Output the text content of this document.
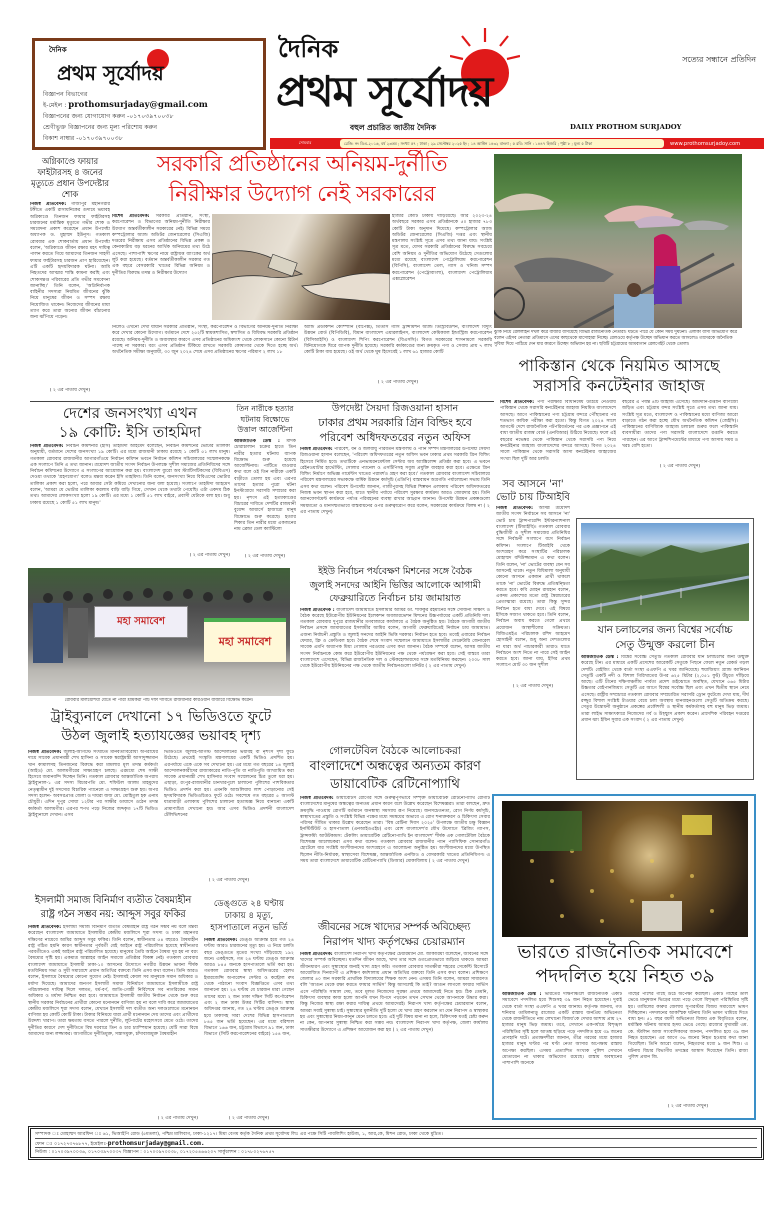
দৈনিক
প্রথম সূর্যোদয়
বিজ্ঞাপন বিভাগের
ই-মেইল : prothomsurjaday@gmail.com
বিজ্ঞাপনের জন্য যোগাযোগ করুন -০১৭০৩৯৭০০৩৮
শ্রেণীভুক্ত বিজ্ঞাপনের জন্য মূল্য পরিশোধ করুন
বিকাশ নাম্বার -০১৭০৩৯৭০০৩৮
দৈনিক	সত্যের সন্ধানে প্রতিদিন
প্রথম সূর্যোদয়
বহুল প্রচারিত জাতীয় দৈনিক	DAILY PROTHOM SURJADOY
সোমবার	রেজি: নং ডিএ-২০১৬, বর্ষ ২৩তম ; সংখ্যা ৫৭ ; ঢাকা ; ২৯ সেপ্টেম্বর ২০২৫ ইং ; ১৪ আশ্বিন ১৪৩২ বাংলা ; ৫ রবি: সানি : ১৪৪৭ হিজরি ; পৃষ্ঠা ৮ ; মূল্য ৫ টাকা	www.prothomsurjadoy.com
অগ্নিকাণ্ডে ফায়ার ফাইটারসহ ৪ জনের মৃত্যুতে প্রধান উপদেষ্টার শোক
নিজস্ব প্রতিবেদক: গাজীপুর মহানগরীর টঙ্গীতে একটি রাসায়নিকের গুদামে ভয়াবহ অগ্নিকাণ্ডে তিনজন ফায়ার ফাইটারসহ চারজনের মর্মান্তিক মৃত্যুতে গভীর শোক ও সমবেদনা প্রকাশ করেছেন প্রধান উপদেষ্টা অধ্যাপক ড. মুহাম্মদ ইউনূস। গতকাল রোববার এক শোকবার্তায় প্রধান উপদেষ্টা বলেন, 'অগ্নিকাণ্ডে জীবন রক্ষার মহৎ দায়িত্ব পালন করতে গিয়ে আমাদের তিনজন সাহসী ফায়ার ফাইটারসহ চারজন প্রাণ হারিয়েছেন। এটি একটি হৃদয়বিদারক ঘটনা। আমি নিহতদের আত্মার শান্তি কামনা করছি এবং শোকসন্তপ্ত পরিবারের প্রতি গভীর সমবেদনা জানাচ্ছি।' তিনি বলেন, 'অগ্নিনির্বাপক বাহিনীর সদস্যরা নিয়মিত জীবনের ঝুঁকি নিয়ে মানুষের জীবন ও সম্পদ রক্ষায় নিয়োজিত থাকেন। নিজেদের জীবনের মায়া ত্যাগ করে তারা অন্যের জীবন বাঁচানোর জন্য ঝাঁপিয়ে পড়েন।
( ২ এর পাতায় দেখুন)
সরকারি প্রতিষ্ঠানের অনিয়ম-দুর্নীতি
নিরীক্ষার উদ্যোগ নেই সরকারের
বিশেষ প্রতিবেদক: সরকারি প্রতিষ্ঠান, সংস্থা, করপোরেশন ও বিভাগের অনিয়ম-দুর্নীতি নিরীক্ষার উদ্যোগ অন্তর্বর্তীকালীন সরকারের নেই। বিভিন্ন সময়ে কম্পট্রোলার অ্যান্ড অডিটর জেনারেলের (সিএজি) দপ্তরের নিরীক্ষায় এসব প্রতিষ্ঠানের বিভিন্ন প্রকল্প ও কেনাকাটায় বড় ধরনের আর্থিক অনিয়মের তথ্য উঠে এসেছে। পাশাপাশি ঋণের নামে রাষ্ট্রায়ত্ত ব্যাংকের অর্থ লুট করা হয়েছে। বর্তমান অন্তর্বর্তীকালীন সরকার গত এক বছরে বেসরকারি খাতের বিভিন্ন অনিয়ম ও দুর্নীতির বিরুদ্ধে তদন্ত ও নিরীক্ষার উদ্যোগ
হাজার কোটি টাকায় দাঁড়িয়েছে। আর ২০২৩-২৪ অর্থবছরে সরকার এসব প্রতিষ্ঠানকে ৫০ হাজার ৭৮৩ কোটি টাকা অনুদান দিয়েছে। কম্পট্রোলার অ্যান্ড অডিটর জেনারেলের (সিএজি) দপ্তর এবং স্থানীয় মন্ত্রণালয় সংশ্লিষ্ট সূত্রে এসব তথ্য জানা যায়। সংশ্লিষ্ট সূত্র মতে, যেসব সরকারি প্রতিষ্ঠানের বিরুদ্ধে সবচেয়ে বেশি অনিয়ম ও দুর্নীতির অভিযোগ উঠেছে সেগুলোর মধ্যে রয়েছে বাংলাদেশ পেট্রোলিয়াম করপোরেশন (বিপিসি), বাংলাদেশ তেল, গ্যাস ও খনিজ সম্পদ করপোরেশন (পেট্রোবাংলা), বাংলাদেশ পেট্রোলিয়াম এক্সপ্লোরেশন
নিলেও এখনো দেখা যায়নি সরকারি প্রতিষ্ঠান, সংস্থা, করপোরেশন ও বিভাগের অনিয়ম-দুর্নীতি নিরীক্ষা করে দেখার কোনো উদ্যোগ। বর্তমানে দেশে ২৫২টি স্বায়ত্তশাসিত, স্বশাসিত ও বিধিবদ্ধ সরকারি প্রতিষ্ঠান রয়েছে। অনিয়ম-দুর্নীতি ও অব্যবস্থার কারণে এসব প্রতিষ্ঠানের অধিকাংশ থেকে লোকসানে কোনো রিটার্ন পাচ্ছে না সরকার। বরং এসব প্রতিষ্ঠান টিকিয়ে রাখতে সরকারি কোষাগার থেকে দিতে হচ্ছে অর্থ। অর্থনৈতিক সমীক্ষা অনুযায়ী, ৩০ জুন ২০২৪ শেষে এসব প্রতিষ্ঠানের ঋণের পরিমাণ ২ লাখ ১৮
অ্যান্ড প্রডাকশন কোম্পানি (বাপেক্স), তিতাস গ্যাস ট্রান্সমিশন অ্যান্ড ডিস্ট্রিবিউশন, বাংলাদেশ বিদ্যুৎ উন্নয়ন বোর্ড (বিপিডিবি), বিমান বাংলাদেশ এয়ারলাইনস, বাংলাদেশ কেমিক্যাল ইন্ডাস্ট্রিজ করপোরেশন (বিসিআইসি) ও বাংলাদেশ শিপিং করপোরেশন (বিএসসি)। বিগত সরকারের শাসনামলে সরকারি বিনিয়োগকে ঘিরে ব্যাপক দুর্নীতি হয়েছে। সরকারি কর্মকাণ্ডের জন্য ক্রয়কৃত পণ্য ও সেবায় প্রায় ৭ লাখ কোটি টাকা ব্যয় হয়েছে। ওই অর্থ থেকে ঘুষ হিসেবেই ১ লাখ ৬১ হাজার কোটি
( ২ এর পাতায় দেখুন)
ঝুঁকি নিয়ে রেললাইন দখল করে বাজার বসিয়েছে বিভিন্ন রাজনৈতিক নেতারা। ঘটতে পারে যে কোন সময় দুর্ঘটনা। এলাকা বাসী অভিযোগ করে বলেন এইসব নেতারা প্রতিমাসে এদের কাছথেকে মাসোহারা নিচ্ছে। রেলওয়ে কর্তৃপক্ষ উচ্ছেদ অভিযান করতে আসলেও তাদেরকে অনৈতিক সুবিধা দিয়ে পাঠিয়ে দেন যার কারণে উচ্ছেদ অভিযান হয় না। ছবিটি চট্টগ্রামের আমবাগান রেলগেইট থেকে তোলা।
পাকিস্তান থেকে নিয়মিত আসছে
সরাসরি কনটেইনার জাহাজ
বিশেষ প্রতিবেদক: পণ্য পরীক্ষার বিধিনিষেধ উঠিয়ে নেওয়ায় পাকিস্তান থেকে সরাসরি কনটেইনার জাহাজ নিয়মিত বাংলাদেশে আসছে। আগে পাকিস্তানের পণ্য চট্টগ্রাম বন্দরে পৌঁছানোর পর শতভাগ কায়িক পরীক্ষা করা হতো। কিন্তু বিগত ২০২৪ সালে আগস্টে দেশে রাজনৈতিক পটপরিবর্তনের পর এক প্রজ্ঞাপনে এই বাধা জাতীয় রাজস্ব বোর্ড (এনবিআর) উঠিয়ে নিয়েছে। ফলে এই বছরের নভেম্বর থেকে পাকিস্তান থেকে সরাসরি পণ্য নিয়ে কনটেইনার জাহাজ বাংলাদেশের বন্দরে আসছে। বিগত ২০২৪ সালে পাকিস্তান থেকে সরাসরি আসা কনটেইনার জাহাজের সংখ্যা ছিল দুটি আর চলতি
বছরের এ পর্যন্ত ৪টি জাহাজ এসেছে। আমদানি-রপ্তানি বাণিজ্যে জড়িত এবং চট্টগ্রাম বন্দর সংশ্লিষ্ট সূত্রে এসব তথ্য জানা যায়। সংশ্লিষ্ট সূত্র মতে, বাংলাদেশ ও পাকিস্তানের মধ্যে বাণিজ্য আরো বাড়াতে গঠন করা হচ্ছে যৌথ অর্থনৈতিক কমিশন (জেইসি)। পাকিস্তানের বাণিজ্যিক জাহাজ চলাচল শুরুর ফলে পাকিস্তানি ব্যবসায়ীরা তাদের পণ্য সরাসরি বাংলাদেশে রপ্তানি করতে পারছেন। এর আগে ট্রান্সশিপমেন্টের মাধ্যমে পণ্য আসায় সময় ও খরচ বেশি হতো।
( ২ এর পাতায় দেখুন)
দেশের জনসংখ্যা এখন
১৯ কোটি: ইসি তাহমিদা
নিজস্ব প্রতিবেদক: নির্বাচন কমিশনার (ইসি) তাহমিদা আহমেদ বলেছেন, নির্বাচন কমিশনের ভোটার তালিকা অনুযায়ী, বর্তমানে দেশের জনসংখ্যা ১৯ কোটি। এর মধ্যে রাজধানী ঢাকায় রয়েছে ১ কোটি ৫১ লাখ মানুষ। গতকাল রোববার রাজধানীর আগারগাঁওয়ে নির্বাচন কমিশন ভবনে নির্বাচন কমিশন সচিবালয়ের সম্মেলনকক্ষে এক সংলাপে তিনি এ তথ্য জানান। ত্রয়োদশ জাতীয় সংসদ নির্বাচন উপলক্ষে সুশীল সমাজের প্রতিনিধিদের সঙ্গে নির্বাচন কমিশনের উদ্যোগে এ সংলাপের আয়োজন করা হয়। বাংলাদেশ ব্যুরো অব স্ট্যাটিসটিকসের (বিবিএস) দেওয়া তথ্যকে 'গ্রহণযোগ্য' বলেও মন্তব্য করেন ইসি তাহমিদা। তিনি বলেন, জনসংখ্যা নিয়ে বিবিএসের ভোটার তালিকা প্রকাশ করা হলো, পরে আবার সেটা কমিয়ে দেখানোর জন্য বলা হয়েছে। সংলাপে তাহমিদা আহমেদ বলেন, 'আমরা যে ভোটার তালিকা করলাম বাড়ি বাড়ি গিয়ে, সেখান থেকে তথ্যটা পেয়েছি। এটা একদম ঠিক তথ্য। আমাদের লোকসংখ্যা হলো ১৯ কোটি। এর মধ্যে ১ কোটি ৫১ লাখ বাইরে, প্রবাসী যেটাকে বলা হয়। শুধু ঢাকায় রয়েছে ১ কোটি ৫১ লাখ মানুষ।'
( ২ এর পাতায় দেখুন)
তিন নারীকে হত্যার ঘটনায় বিক্ষোভে উত্তাল আর্জেন্টিনা
আন্তর্জাতিক ডেস্ক : মাদক চোরাচালান চক্রের হাতে তিন নারীর হত্যার ঘটনায় ব্যাপক বিক্ষোভ শুরু হয়েছে আর্জেন্টিনায়। পার্টিতে যাওয়ার কথা বলে ওই তিন নারীকে একটি বাড়ীতে তোলা হয় এবং এরপর তাদের হত্যার পুরো ঘটনা ইনস্টাগ্রামে সরাসরি সম্প্রচার করা হয়। নৃশংস এই হত্যাকাণ্ডের বিচারের দাবিতে দেশটির রাজধানী বুয়েন্স আয়ার্সে হাজারো মানুষ বিক্ষোভে শুরু করেছে। হত্যার শিকার তিন নারীর মধ্যে একজনের নাম ব্রেন্ডা ডেল ক্যাস্টিলো
( ২ এর পাতায় দেখুন)
মহা সমাবেশ
মহা সমাবেশ
রোববার মালয়েশিয়া যেতে না পারা শ্রমিকরা পাঁচ দফা দাবিতে রাজধানীর কারওয়ান বাজারে বিক্ষোভ করেন।
ট্রাইব্যুনালে দেখানো ১৭ ভিডিওতে ফুটে
উঠল জুলাই হত্যাযজ্ঞের ভয়াবহ দৃশ্য
নিজস্ব প্রতিবেদক: জুলাই-আগস্টে সংঘটিত মানবতাবিরোধী অপরাধের দায়ে সাবেক প্রধানমন্ত্রী শেখ হাসিনা ও সাবেক স্বরাষ্ট্রমন্ত্রী আসাদুজ্জামান খান কামালসহ তিনজনের বিরুদ্ধে করা মামলার মূল তদন্ত কর্মকর্তা (আইও) মো. আলমগীরের সাক্ষ্যগ্রহণ চলছে। এরমধ্যে শেষ সাক্ষী হিসেবে জবানবন্দি দিচ্ছেন তিনি। গতকাল রোববার আন্তর্জাতিক অপরাধ ট্রাইব্যুনাল-১ এর সদস্য বিচারপতি মো. শফিউল আলম মাহমুদের নেতৃত্বাধীন দুই সদস্যের বিচারিক প্যানেলে এ সাক্ষ্যগ্রহণ শুরু হয়। অপর সদস্য হলেন- অবসরপ্রাপ্ত জেলা ও দায়রা জজ মো. মোহিতুল হক এনাম চৌধুরী। এদিন দুপুর সোয়া ১২টার পর সাক্ষীর ডায়াসে ওঠেন তদন্ত কর্মকর্তা আলমগীর। এরপর শপথ পড়ে নিজের জব্দকৃত ১৭টি ভিডিও ট্রাইব্যুনালে দেখান। এসব
ভিডিওতে জুলাই-আগস্ট আন্দোলনের ভয়াবহ বা নৃশংস দৃশ্য ফুটে উঠেছে। প্রথমেই সংস্কৃতি মন্ত্রণালয়ের একটি ভিডিও প্রদর্শিত হয়। এরপর্যায়ে একে একে সব দেখানো হয়। এর মধ্যে গত বছরের ১৪ জুলাই আন্দোলনকারীদের রাজাকারের নাতি-পুতি বা নাতিপুতি আখ্যায়িত করা সাবেক প্রধানমন্ত্রী শেখ হাসিনার সংবাদ সম্মেলনের চিত্র তুলে ধরা হয়। এছাড়া, রংপুর-রাজধানীর চানখারপুলে চালানো পুলিশের পাশবিকতার ভিডিও প্রদর্শন করা হয়। এমনকি আশুলিয়ায় লাশ পোড়ানোর সেই হৃদয়বিদারক ভিডিওচিত্রও ফুটে ওঠে। সবশেষে গত বছরের ৫ আগস্ট যাত্রাবাড়ী এলাকায় পুলিশের চালানো হত্যাযজ্ঞ নিয়ে বানানো একটি প্রামাণ্যচিত্র দেখানো হয়। আর এসব ভিডিও প্রদর্শনী বাংলাদেশ টেলিভিশনের
( ২ এর পাতায় দেখুন)
ইসলামী সমাজ বিনির্মাণ ব্যতীত বৈষম্যহীন
রাষ্ট্র গঠন সম্ভব নয়: আব্দুস সবুর ফকির
নিজস্ব প্রতিবেদক: ইসলামী সমাজ বিনির্মাণ ব্যতীত বৈষম্যহীন রাষ্ট্র গঠন সম্ভব নয় বলে মন্তব্য করেছেন বাংলাদেশ জামায়াতে ইসলামীর কেন্দ্রীয় মজলিসে শূরা সদস্য ও ঢাকা মহানগর দক্ষিণের নায়েবে আমির আব্দুস সবুর ফকির। তিনি বলেন, স্বাধীনতার ৫৪ বছরেও বৈষম্যহীন রাষ্ট্র গঠিত হয়নি কারণ স্বাধীনতার পূর্ববর্তী যেই আইনে রাষ্ট্র পরিচালিত হয়েছে স্বাধীনতার পরবর্তীতেও একই আইনে রাষ্ট্র পরিচালিত হয়েছে। মানুষের তৈরি আইনে বৈষম্য দূর হয় না বরং বৈষম্যের সৃষ্টি হয়। একমাত্র আল্লাহর আইন সমাজে প্রতিষ্ঠার বিকল্প নেই। গতকাল রোববার বাংলাদেশ জামায়াতে ইসলামী ঢাকা-১০ আসনের উদ্যোগে নগরীর উন্নয়ন ভাবনা শীর্ষক মতবিনিময় সভা ও সুধী সমাবেশে প্রধান অতিথির বক্তব্যে তিনি এসব কথা বলেন। তিনি আরও বলেন, ইসলামে বৈষম্যের কোনো সুযোগ নেই। ইসলামই কেবল সব মানুষকে সমান অধিকার ও মর্যাদা দিয়েছে। আমাদের জনগণ ইসলামী সমাজ বিনির্মাণে জামায়াতে ইসলামীকে রাষ্ট্র পরিচালনার দায়িত্ব দিলে দলমত, ধর্ম-বর্ণ, জাতি-গোষ্ঠী নির্বিশেষে সব নাগরিকের সমান অধিকার ও মর্যাদা নিশ্চিত করা হবে। জামায়াতে ইসলামী জাতীয় নির্বাচন থেকে শুরু করে স্থানীয় সরকার নির্বাচনের প্রার্থীরা কোনো মনোনয়ন বাণিজ্য হয় না বলে দাবি করে জামায়াতের কেন্দ্রীয় মজলিসে শূরা সদস্য বলেন, যেখানে ইসলামী দল ব্যতীত অন্য দলগুলোতে মনোনয়ন বাণিজ্য হয় কোটি কোটি টাকা। টাকার বিনিময়ে যারা প্রার্থী মনোনয়ন দেয় তাদের এবং প্রার্থীদের উদ্দেশ্য খারাপ। তারা ক্ষমতায় বসতে পারলে দুর্নীতি, লুটপাটের মহোৎসবে মেতে ওঠে। তাদের দুর্নীতির কারণে দেশ দুর্নীতিতে বিশ্ব দরবারে তিন ও চার চ্যাম্পিয়ান হয়েছে। যেটি সারা বিশ্বে আমাদের জন্য লজ্জাকর। আগামীতে দুর্নীতিমুক্ত, সন্ত্রাসমুক্ত, চাঁদাবাজমুক্ত বৈষম্যহীন
( ২ এর পাতায় দেখুন)
ডেঙ্গুতে ২৪ ঘণ্টায় ঢাকায় ৪ মৃত্যু, হাসপাতালে নতুন ভর্তি
নিজস্ব প্রতিবেদক: ডেঙ্গু আক্রান্ত হয়ে গত ২৪ ঘণ্টায় আরও চারজনের মৃত্যু হয়। এ নিয়ে চলতি বছর ডেঙ্গুতে মৃতের সংখ্যা দাঁড়িয়েছে ১৯২ জনে। একইসঙ্গে, গত ২৪ ঘণ্টায় ডেঙ্গু আক্রান্ত আরও ৮৪৫ জনকে হাসপাতালে ভর্তি করা হয়। গতকাল রোববার স্বাস্থ্য অধিদপ্তরের হেলথ ইমারজেন্সি অপারেশন সেন্টার ও কন্ট্রোল রুম থেকে পাঠানো সংবাদ বিজ্ঞপ্তিতে এসব তথ্য জানানো হয়। ২৪ ঘণ্টায় যে চারজন মারা গেছেন তাদের মধ্যে ২ জন ঢাকা দক্ষিণ সিটি কর্পোরেশন এবং ২ জন ঢাকা উত্তর সিটির বাসিন্দা। স্বাস্থ্য অধিদপ্তর জানায়, গত ২৪ ঘণ্টায় ডেঙ্গু আক্রান্ত হয়ে ঢাকাসহ সারা দেশের বিভিন্ন হাসপাতালে ৮৪৫ জন ভর্তি হয়েছেন। এর মধ্যে বরিশাল বিভাগে ১৬৬ জন, চট্টগ্রাম বিভাগে ৯১ জন, ঢাকা বিভাগে (সিটি করপোরেশনের বাইরে) ১৫৪ জন,
( ২ এর পাতায় দেখুন)
উপদেষ্টা সৈয়দা রিজওয়ানা হাসান
ঢাকার প্রথম সরকারি গ্রিন বিল্ডিং হবে
পরিবেশ অধিদফতরের নতুন অফিস
নিজস্ব প্রতিবেদক: পরিবেশ, বন ও জলবায়ু পরিবর্তন মন্ত্রণালয় ও পানি সম্পদ মন্ত্রণালয়ের উপদেষ্টা সৈয়দা রিজওয়ানা হাসান বলেছেন, 'পরিবেশ অধিদফতরের নতুন অফিস ভবন ঢাকার প্রথম সরকারি গ্রিন বিল্ডিং হিসেবে নির্মিত হবে। তথ্যটিকে এনভায়রনমেন্টাল সেন্টার অব অ্যাক্সিলেন্স প্রতিষ্ঠা করা হবে। এ ভবনে রেইনওয়াটার হার্ভেস্টিং, সোলার প্যানেল ও এসটিপিসহ সবুজ প্রযুক্তি ব্যবহার করা হবে। এক্ষেত্রে গ্রিন বিল্ডিং নির্মাণে অভিজ্ঞ গার্মেন্টস খাতের পরামর্শও গ্রহণ করা হবে।' গতকাল রোববার বাংলাদেশ সচিবালয়ে পরিবেশ মন্ত্রণালয়ের সভাকক্ষে বার্ষিক উন্নয়ন কর্মসূচি (এডিপি) বাস্তবায়ন অগ্রগতি পর্যালোচনা সভায় তিনি এসব কথা বলেন। পরিবেশ উপদেষ্টা জানান, গাজীপুরসহ বিভিন্ন শিল্পঘন এলাকায় পরিবেশ অধিদফতরের নিজস্ব ভবন স্থাপন করা হবে, যাতে স্থানীয় পর্যায়ে পরিবেশ সুরক্ষার কার্যক্রম আরও জোরদার হয়। তিনি অ্যানফোর্সমেন্ট কার্যক্রমে পর্যাপ্ত পরিবহনের ব্যবস্থা রাখার আহ্বান জানান। উপদেষ্টা উন্নয়ন প্রকল্পগুলো সময়মতো ও মানসম্মতভাবে বাস্তবায়নের ওপর গুরুত্বারোপ করে বলেন, সরকারের কার্যক্রমে বিলম্ব না ( ২ এর পাতায় দেখুন)
ইইউ নির্বাচন পর্যবেক্ষণ মিশনের সঙ্গে বৈঠক
জুলাই সনদের আইনি ভিত্তির আলোকে আগামী
ফেব্রুয়ারিতে নির্বাচন চায় জামায়াত
নিজস্ব প্রতিবেদক : বাংলাদেশ জামায়াতে ইসলামীর আমির ডা. শফিকুর রহমানের সঙ্গে সৌজন্য সাক্ষাৎ ও বৈঠক করেছে ইউরোপীয় ইউনিয়নের ইলেকশন অবজারভেশন মিশনের উচ্চপর্যায়ের একটি প্রতিনিধি দল। গতকাল রোববার দুপুরে রাজধানীর মগবাজারে কার্যালয়ে এ বৈঠক অনুষ্ঠিত হয়। বৈঠকে আগামী জাতীয় নির্বাচন প্রসঙ্গে জামায়াতের ইসলামীর আমির বলেন, আগামী ফেব্রুয়ারিতেই নির্বাচন চায় জামায়াত। এজন্য নির্বাচনী প্রস্তুতি ও জুলাই সনদের আইনি ভিত্তি দরকার। নির্বাচন হতে হবে। তবেই এবারের নির্বাচন ফেয়ার, ফ্রি ও ক্রেডিবল হবে। বৈঠক শেষে সংবাদ সম্মেলনে জামায়াতে ইসলামীর সেক্রেটারি জেনারেল সাবেক এমপি অধ্যাপক মিয়া গোলাম পরওয়ার এসব কথা জানান। বৈঠক সম্পর্কে বলেন, আসন্ন জাতীয় সংসদ নির্বাচনকে কেন্দ্র করে ইউরোপীয় ইউনিয়নের পক্ষ থেকে পর্যবেক্ষণ করা হবে। সেই বাস্তবে তারা বাংলাদেশে এসেছেন, বিভিন্ন রাজনৈতিক দল ও স্টেকহোল্ডারদের সঙ্গে মতবিনিময় করছেন। ২০০৮ সাল থেকে ইউরোপীয় ইউনিয়নের পক্ষ থেকে জাতীয় নির্বাচনগুলো মনিটর ( ২ এর পাতায় দেখুন)
গোলটেবিল বৈঠকে আলোচকরা
বাংলাদেশে অন্ধত্বের অন্যতম কারণ
ডায়াবেটিক রেটিনোপ্যাথি
নিজস্ব প্রতিবেদক: ডায়াবেটিস রোগের সঙ্গে গুরুত্বপূর্ণভাবে সম্পৃক্ত ডায়াবেটিক রেটিনোপ্যাথি রোগটি বাংলাদেশের মানুষের অন্ধত্বের অন্যতম প্রধান কারণ বলে উল্লেখ করেছেন বিশেষজ্ঞরা। তারা বলছেন, দ্রুত ক্রমবৃদ্ধি পাওয়ায় রোগটি বর্তমানে জনস্বাস্থ্য সমস্যায় রূপ নিয়েছে। জনসচেতনতা, রোগ নির্ণয় কর্মসূচি, স্বাস্থ্যখাতের প্রস্তুতি ও সংশ্লিষ্ট বিভিন্ন পক্ষের মধ্যে সমন্বয়ের অভাবে এ রোগ শনাক্তকরণ ও চিকিৎসা সেবার পরিসর সীমিত থাকার উল্লেখ করেছেন তারা। 'বিশ্ব রেটিনা দিবস ২০২৫' উপলক্ষে জাতীয় চক্ষু বিজ্ঞান ইনস্টিটিউট ও হাসপাতাল (এনআইওএইচ) এবং রোশ বাংলাদেশ'র যৌথ উদ্যোগে 'ব্রিজিং গ্যাপস, ট্রান্সফর্মিং আউটকামস: টেকলিং ডায়াবেটিক রেটিনোপ্যাথি ইন বাংলাদেশ' শীর্ষক এক গোলটেবিল বৈঠকে বিশেষজ্ঞ আলোচকরা এসব কথা বলেন। গতকাল রোববার রাজধানীর প্যান প্যাসিফিক সোনারগাঁও হোটেলে যার সংশ্লিষ্ট অংশীজনদের অংশগ্রহণে এ আলোচনা অনুষ্ঠিত হয়। অংশীজনদের মধ্যে উপস্থিত ছিলেন নীতি-নির্ধারক, স্বাস্থ্যসেবা বিশেষজ্ঞ, আন্তর্জাতিক এনজিও ও বেসরকারি খাতের প্রতিনিধিগণ। এ সময় তারা বাংলাদেশে ডায়াবেটিক রেটিনোপ্যাথি (ডিআর) মোকাবিলায় ( ২ এর পাতায় দেখুন)
জীবনের সঙ্গে খাদ্যের সম্পর্ক অবিচ্ছেদ্য
নিরাপদ খাদ্য কর্তৃপক্ষের চেয়ারম্যান
নিজস্ব প্রতিবেদক: বাংলাদেশ নিরাপদ খাদ্য কর্তৃপক্ষের চেয়ারম্যান মো. জাকারিয়া বলেছেন, জীবনের সঙ্গে খাদ্যের সম্পর্ক অবিচ্ছেদ্য। যতদিন জীবন আছে, খাদ্য তার সঙ্গে ওতপ্রোতভাবে জড়িয়ে থাকবে। আমরা জীবনধারণ এবং সুস্বাস্থ্যের জন্যই খাদ্য গ্রহণ করি। গতকাল রোববার সাতক্ষীরা শহরের সেকেন্টি রিসোর্টে আয়োজিত দিনব্যাপী এ প্রশিক্ষণ কর্মশালায় প্রধান অতিথির বক্তব্যে তিনি এসব কথা বলেন। প্রশিক্ষণে জেলার ৪০ জন সরকারি প্রাথমিক বিদ্যালয়ের শিক্ষক অংশ নেন। এসময় তিনি বলেন, আমরা সাধারণত বলি 'আগুন থেকে রক্ষা করতে ফায়ার সার্ভিস' কিন্তু আসলেই কি তাই? আগুন লাগলে ফায়ার সার্ভিস এসে পরিস্থিতি সামাল দেয়, তবে মূলত নিজেদের সুরক্ষা প্রথমে আমাদেরই নিতে হয়। ঠিক তেমনি, চিকিৎসা ব্যবস্থার কাজ হলো আপনি যখন বিপদে পড়বেন তখন সেখান থেকে আপনাকে উদ্ধার করা। কিন্তু নিজের স্বাস্থ্য রক্ষা করার দায়িত্ব প্রথমে আমাদেরই। নিরাপদ খাদ্য কর্তৃপক্ষের চেয়ারম্যান বলেন, আমরা সবাই সুস্বাস্থ্য চাই। সুস্বাস্থ্যের মূলনীতি দুটি হলো যে খাদ্য গ্রহণ করলেন তা যেন নিরাপদ ও স্বাস্থ্যকর হয় এবং সুস্বাস্থ্যের নিয়ম-কানুন মেনে চলতে হবে। এই দুটি বিষয় মানা না হলে, চিকিৎসক যতই চেষ্টা করুন না কেন, আপনার সুস্বাস্থ্য নিশ্চিত করা সম্ভব নয়। বাংলাদেশ নিরাপদ খাদ্য কর্তৃপক্ষ, জেলা কার্যালয় সাতক্ষীরার উদ্যোগে এ প্রশিক্ষণ আয়োজন করা হয় ( ২ এর পাতায় দেখুন)
সব আসনে 'না' ভোট চায় টিআইবি
নিজস্ব প্রতিবেদক: আসন্ন ত্রয়োদশ জাতীয় সংসদ নির্বাচনে সব আসনে 'না' ভোট চায় ট্রান্সপারেন্সি ইন্টারন্যাশনাল বাংলাদেশ (টিআইবি)। গতকাল রোববার বুদ্ধিজীবী ও সুশীল সমাজের প্রতিনিধির সঙ্গে নির্বাচনী সংলাপে বসে নির্বাচন কমিশন। সংলাপে টিআইবি থেকে অংশগ্রহণ করে সংস্থাটির পরিচালক মোহাম্মদ বদিউজ্জামান এ কথা বলেন। তিনি বলেন, 'না' ভোটের ব্যবস্থা যেন সব আসনেই থাকে। নতুন বিধিমালা অনুযায়ী কোনো আসনে একজন প্রার্থী থাকলে তাকে 'না' ভোটের বিরুদ্ধে প্রতিদ্বন্দ্বিতা করতে হবে। কবি মোহন রায়হান বলেন, একদম প্রকাশ্যের মতো রাষ্ট্র স্বৈরাচারের প্রেতাত্মারা রয়েছে। তারা কিন্তু সুন্দর নির্বাচন হতে বাধা দেবে। এই বিষয়ে ইসিকে সজাগ থাকতে হবে। তিনি বলেন, নির্বাচন অবাধ করতে গেলে প্রথমে প্রয়োজন আস্থাশীলের সক্রিয়তা। বিজিএমইএ পরিচালক রশিদ আহমেদ হোসাইনী বলেন, শুধু অন্য দেশগুলোর না যারা অর্থ পাচারকারী তারাও যাতে নির্বাচনে অংশ নিতে না পারে সেই আইন করতে হবে। জানা যায়, ইসির প্রথম সংলাপে মোট ৩০ জন সুশীল
( ২ এর পাতায় দেখুন)
যান চলাচলের জন্য বিশ্বের সর্বোচ্চ
সেতু উন্মুক্ত করলো চীন
আন্তর্জাতিক ডেস্ক : বিশ্বের সর্বোচ্চ সেতুটি গতকাল রোববার যান চলাচলের জন্য উন্মুক্ত করেছে চীন। এর মাধ্যমে একটি প্রদেশের আরেকটি সেতুকে পিছনে ফেলে নতুন রেকর্ড গড়ল দেশটি। বেইজিং থেকে বার্তা সংস্থা এএফপি এ খবর জানিয়েছে। হুয়াজিয়াং গ্র্যান্ড ক্যানিয়ন সেতুটি একটি নদী ও বিশাল গিরিখাতের উপর ৬২৫ মিটার (২,০৫১ ফুট) উঁচুতে দাঁড়িয়ে আছে। এটি চীনের দক্ষিণাঞ্চলীয় পার্বত্য প্রদেশ গুইঝোতে অবস্থিত, যেখানে ৫৬৫ মিটার উচ্চতার বেইপানজিয়াং সেতুটি এর আগে বিশ্বের সর্বোচ্চ ছিল এবং এখন দ্বিতীয় স্থানে নেমে এসেছে। রাষ্ট্রীয় সম্প্রচারে গতকাল রোববার সম্প্রচারিত সরাসরি ড্রোন ফুটেজে দেখা যায়, দীর্ঘ রজ্জুর বিশাল সংশ্লিষ্ট টাওয়ার বেয়ে চলা অবস্থায় যানবাহনগুলো সেতুটি অতিক্রম করছে। সেতুর উদ্বোধনী অনুষ্ঠানে প্রকল্পের প্রকৌশলী ও স্থানীয় কর্মকর্তাসহ বহু মানুষ ভিড় জমায়। তারা লাইভ সাক্ষাৎকারে নিজেদের গর্ব ও উচ্ছ্বাস প্রকাশ করেন। প্রাদেশিক পরিবহন দপ্তরের প্রধান ঝাং ইয়িন সুবার এক সংবাদ ( ২ এর পাতায় দেখুন)
ভারতে রাজনৈতিক সমাবেশে
পদদলিত হয়ে নিহত ৩৯
আন্তর্জাতিক ডেস্ক : ভারতের দক্ষিণাঞ্চলে রাজনৈতিক একটি সমাবেশে পদদলিত হয়ে শিশুসহ ৩৯ জন নিহত হয়েছেন। দুবাই থেকে বার্তা সংস্থা এএফপি এ খবর জানায়। কর্তৃপক্ষ জানায়, গত শনিবার তামিলনাড়ু রাজ্যের একটি রাস্তায় জনপ্রিয় অভিনেতা থেকে রাজনীতিতে নাম লেখানো বিজয়'কে দেখার আশায় প্রায় ২৭ হাজার মানুষ ভিড় জমায়। তবে, সেখানে একপর্যায়ে বিশৃঙ্খল পরিস্থিতির সৃষ্টি হলে আতঙ্ক ছড়িয়ে পড়ে পদদলিত হয়ে ৩৯ জনের প্রাণহানি ঘটে। প্রত্যক্ষদর্শীরা জানান, তীব্র গরমের মধ্যে হাজার হাজার মানুষ ঘণ্টার পর ঘণ্টা নেতা আসার অপেক্ষায় রাস্তায় অপেক্ষা করছিল। এসময় প্রত্যাশিত সংখ্যক পুলিশ সেখানে মোতায়েন না থাকার অভিযোগ রয়েছে। রাস্তায় অবস্থানের পাশাপাশি অনেকে
গাছের পাশের গাছে উঠে অপেক্ষা করছিল। একটি গাছের ডাল ভেঙে মানুষজন ভিড়ের মধ্যে পড়ে গেলে বিশৃঙ্খল পরিস্থিতির সৃষ্টি হয়। তামিলের কারুর জেলায় সুপারস্টার বিজয় সমাবেশে ভাষণ দিচ্ছিলেন। পদদলনের আকস্মিক ঘটনায় তিনি ভাষণ থামিয়ে দিতে বাধ্য হন। ৫১ বছর বয়সী অভিনেতা বিজয় এক বিবৃতিতে বলেন, মর্মান্তিক ঘটনায় আমার হৃদয় ভেঙে গেছে। রাজ্যের মুখ্যমন্ত্রী এম. কে. স্টালিন আজ সাংবাদিকদের জানান, পদদলিত হয়ে ৩৯ জন নিহত হয়েছেন। এর আগে ৩৬ জনের নিহত হওয়ার কথা জানা গিয়েছিল। তিনি আরো বলেন, নিহতদের মধ্যে ৯ জন শিশু। এ ঘটনায় বিচার বিভাগীয় তদন্তের আশ্বাস দিয়েছেন তিনি। রাজ্য পুলিশ প্রধান জি.
( ২ এর পাতায় দেখুন)
সম্পাদক ঃ মোহাম্মদ আরফিন ঃ ৬১, ভিআইপি রোড (৫মতলা), পশ্চিম মালিবাগ, ঢাকা-১২১৭। মিমা বেগম কর্তৃক দৈনিক প্রথম সূর্যোদয় লিঃ এর পক্ষে সিটি পাবলিশিং হাউজ, ১, আর,কে, মিশন রোড, ঢাকা থেকে মুদ্রিত।
ফোন ঃ ০১৭২৭৩৭৬৮৭৭, ইমেইলঃ-prothomsurjaday@gmail.com.
নিউজ : ০১৭০৩৯৭০০৩৬, ০১৭০৩৯৭০০৩৭ বিজ্ঞাপন : ০১৭০৩৯৭০০৩৮, ০১৭২০৫৪৬৬২০৭ সার্কুলেশন : ০১৭৮০২৭৬৭৫৭
